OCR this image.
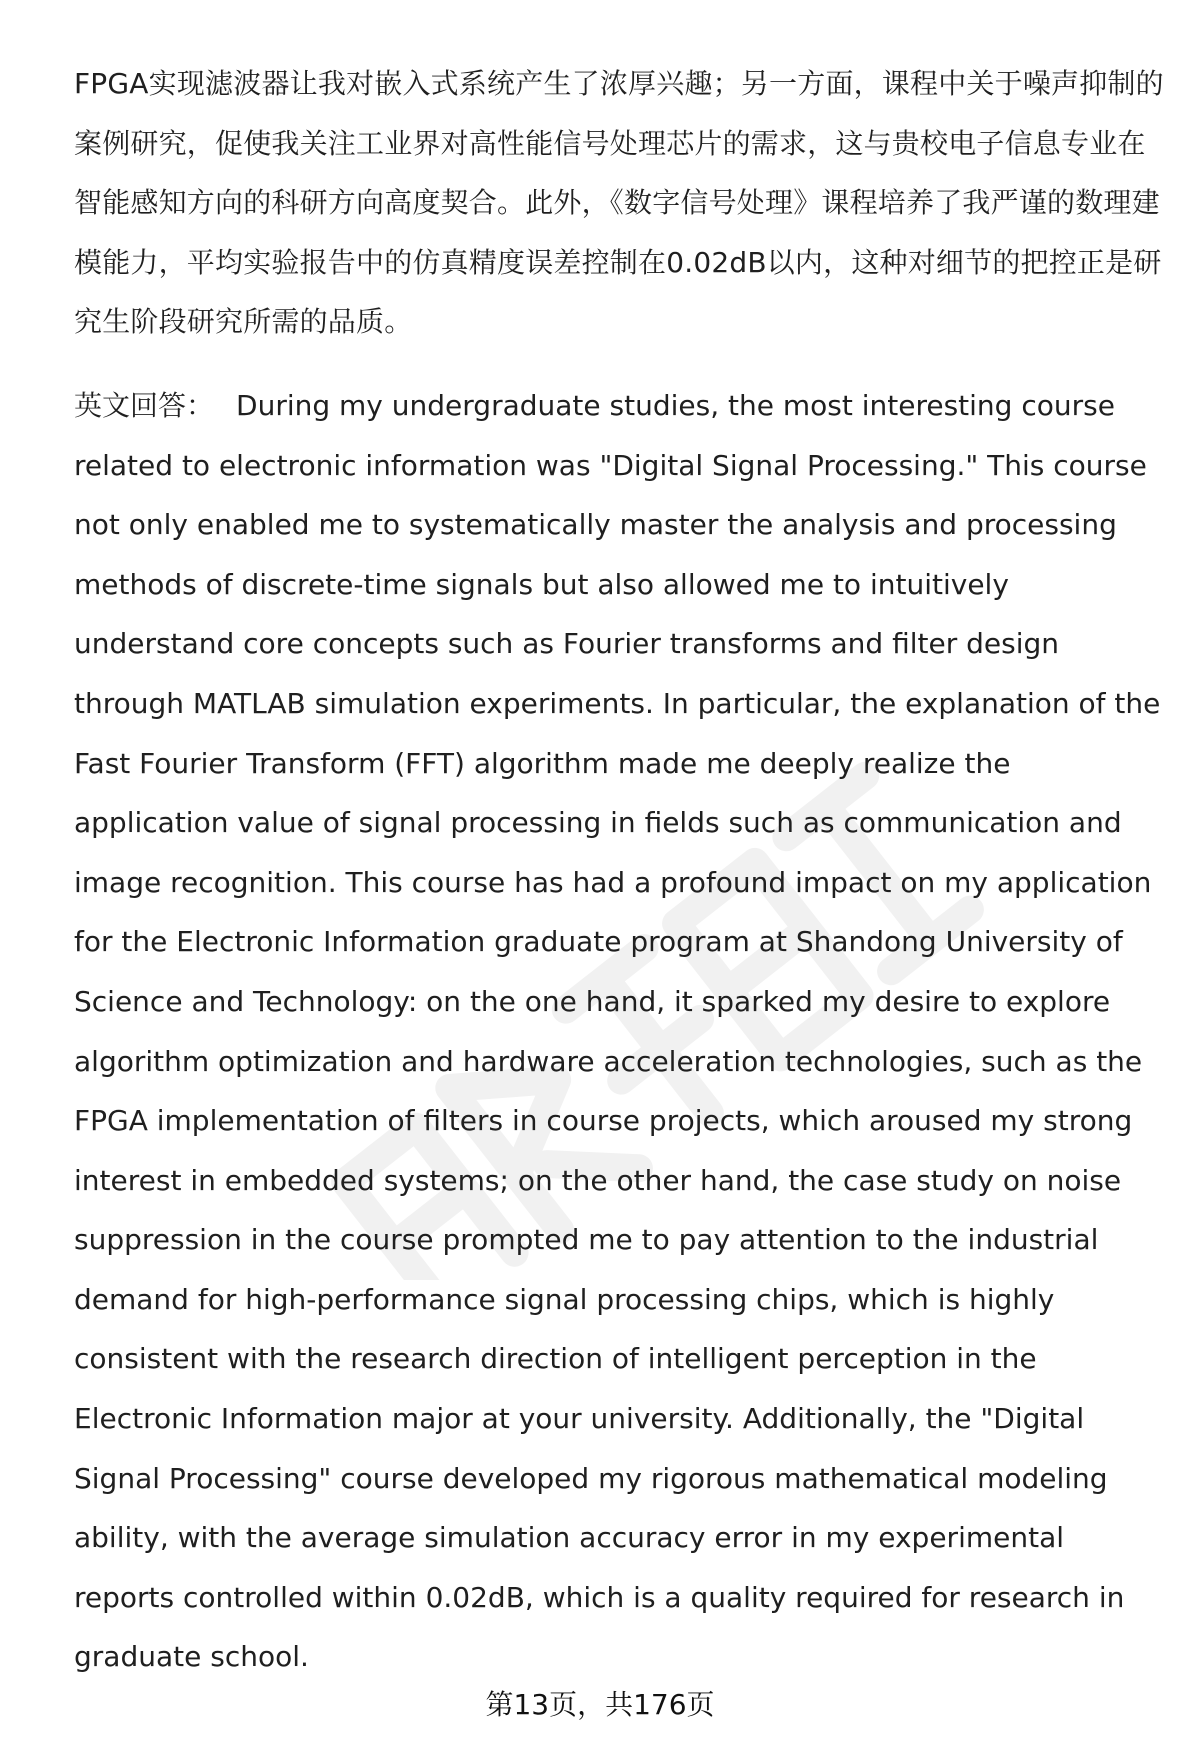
FPGA实现滤波器让我对嵌入式系统产生了浓厚兴趣；另一方面，课程中关于噪声抑制的案例研究，促使我关注工业界对高性能信号处理芯片的需求，这与贵校电子信息专业在智能感知方向的科研方向高度契合。此外，《数字信号处理》课程培养了我严谨的数理建模能力，平均实验报告中的仿真精度误差控制在0.02dB以内，这种对细节的把控正是研究生阶段研究所需的品质。

英文回答： During my undergraduate studies, the most interesting course related to electronic information was "Digital Signal Processing." This course not only enabled me to systematically master the analysis and processing methods of discrete-time signals but also allowed me to intuitively understand core concepts such as Fourier transforms and filter design through MATLAB simulation experiments. In particular, the explanation of the Fast Fourier Transform (FFT) algorithm made me deeply realize the application value of signal processing in fields such as communication and image recognition. This course has had a profound impact on my application for the Electronic Information graduate program at Shandong University of Science and Technology: on the one hand, it sparked my desire to explore algorithm optimization and hardware acceleration technologies, such as the FPGA implementation of filters in course projects, which aroused my strong interest in embedded systems; on the other hand, the case study on noise suppression in the course prompted me to pay attention to the industrial demand for high-performance signal processing chips, which is highly consistent with the research direction of intelligent perception in the Electronic Information major at your university. Additionally, the "Digital Signal Processing" course developed my rigorous mathematical modeling ability, with the average simulation accuracy error in my experimental reports controlled within 0.02dB, which is a quality required for research in graduate school.

第13页，共176页
